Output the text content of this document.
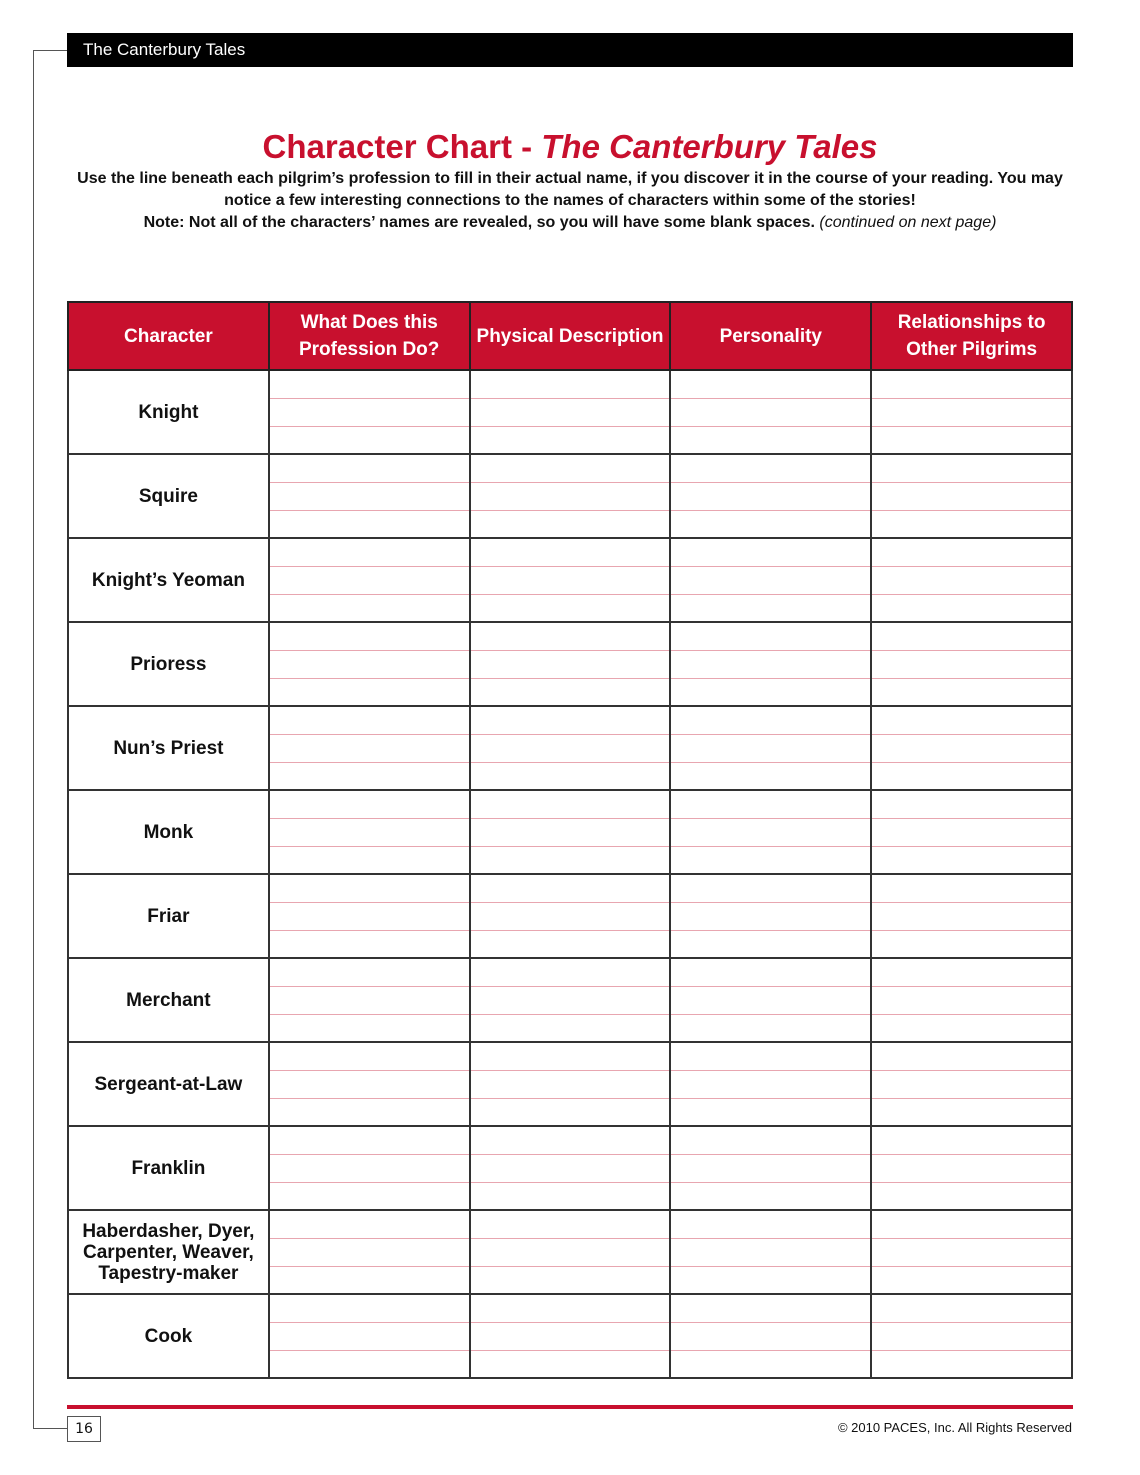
The Canterbury Tales
Character Chart - The Canterbury Tales
Use the line beneath each pilgrim’s profession to fill in their actual name, if you discover it in the course of your reading. You may notice a few interesting connections to the names of characters within some of the stories!
Note: Not all of the characters’ names are revealed, so you will have some blank spaces. (continued on next page)
Character	What Does this Profession Do?	Physical Description	Personality	Relationships to Other Pilgrims
Knight	

Squire	

Knight’s Yeoman	

Prioress	

Nun’s Priest	

Monk	

Friar	

Merchant	

Sergeant-at-Law	

Franklin	

Haberdasher, Dyer, Carpenter, Weaver, Tapestry-maker	

Cook	

16	© 2010 PACES, Inc. All Rights Reserved
